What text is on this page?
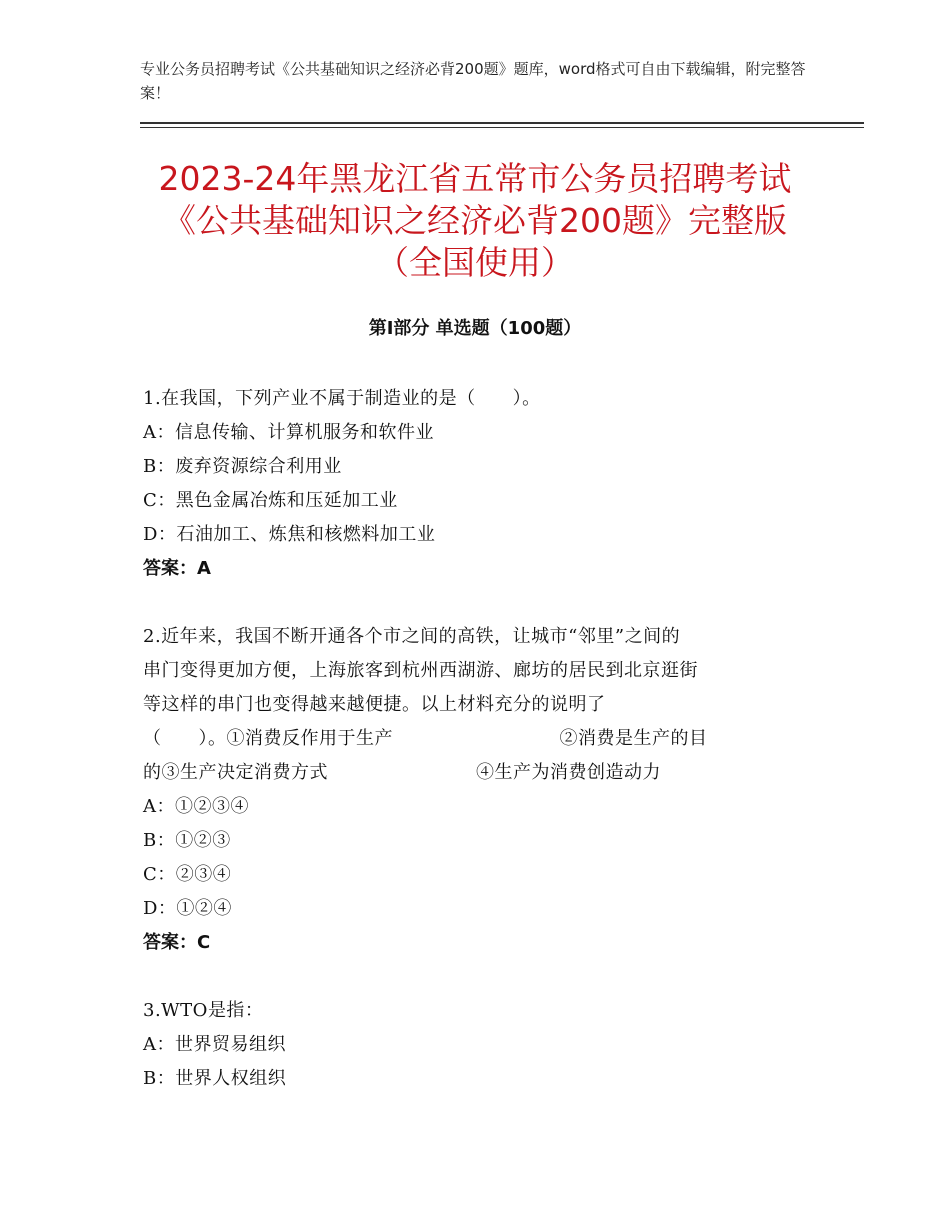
专业公务员招聘考试《公共基础知识之经济必背200题》题库，word格式可自由下载编辑，附完整答案！
2023-24年黑龙江省五常市公务员招聘考试
《公共基础知识之经济必背200题》完整版
（全国使用）
第Ⅰ部分 单选题（100题）
1.在我国，下列产业不属于制造业的是（　　）。
A：信息传输、计算机服务和软件业
B：废弃资源综合利用业
C：黑色金属冶炼和压延加工业
D：石油加工、炼焦和核燃料加工业
答案：A
2.近年来，我国不断开通各个市之间的高铁，让城市“邻里”之间的
串门变得更加方便，上海旅客到杭州西湖游、廊坊的居民到北京逛街
等这样的串门也变得越来越便捷。以上材料充分的说明了
（　　）。①消费反作用于生产　　　　　　　　　②消费是生产的目
的③生产决定消费方式　　　　　　　　④生产为消费创造动力
A：①②③④
B：①②③
C：②③④
D：①②④
答案：C
3.WTO是指：
A：世界贸易组织
B：世界人权组织
